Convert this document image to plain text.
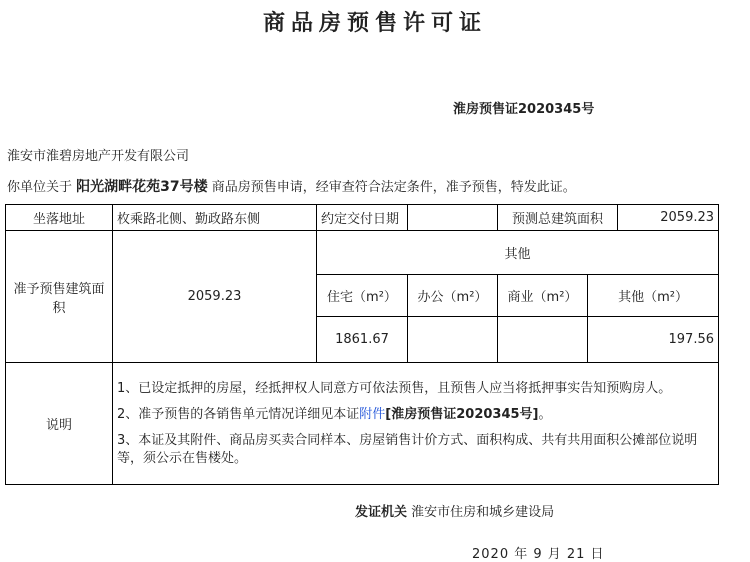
商品房预售许可证
淮房预售证2020345号
淮安市淮碧房地产开发有限公司
你单位关于 阳光湖畔花苑37号楼 商品房预售申请，经审查符合法定条件，准予预售，特发此证。
坐落地址	枚乘路北侧、勤政路东侧	约定交付日期		预测总建筑面积		2059.23
准予预售建筑面积	2059.23	其他				
		住宅（m²）	办公（m²）	商业（m²）	其他（m²）	
		1861.67			197.56	
说明	1、已设定抵押的房屋，经抵押权人同意方可依法预售，且预售人应当将抵押事实告知预购房人。

2、准予预售的各销售单元情况详细见本证附件[淮房预售证2020345号]。

3、本证及其附件、商品房买卖合同样本、房屋销售计价方式、面积构成、共有共用面积公摊部位说明等，须公示在售楼处。					

发证机关 淮安市住房和城乡建设局
2020 年 9 月 21 日
